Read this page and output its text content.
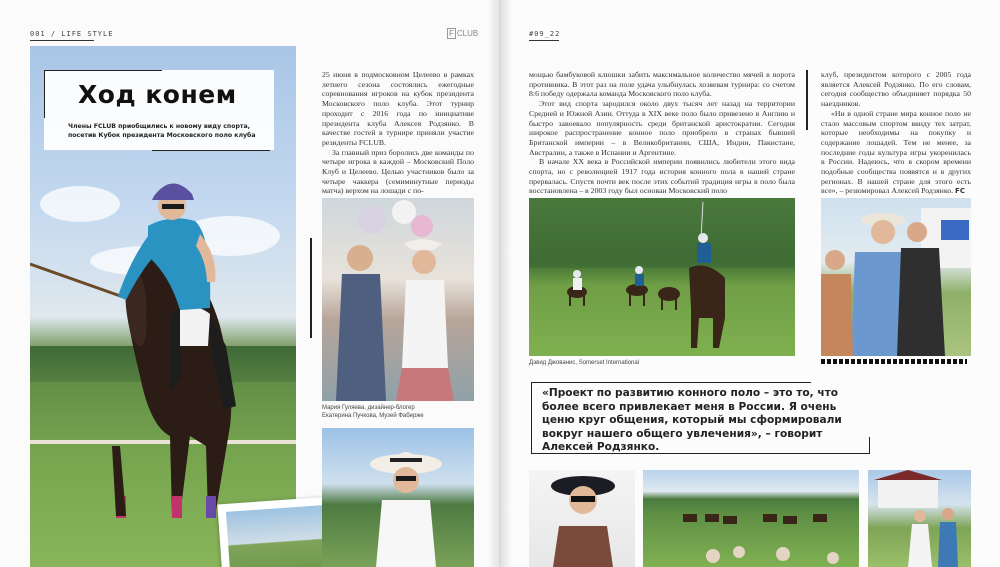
001 / LIFE STYLE	F CLUB	#09_22
Ход конем
Члены FCLUB приобщились к новому виду спорта, посетив Кубок президента Московского поло клуба

25 июня в подмосковном Целеево в рамках летнего сезона состоялись ежегодные соревнования игроков на кубок президента Московского поло клуба. Этот турнир проходит с 2016 года по инициативе президента клуба Алексея Родзянко. В качестве гостей в турнире приняли участие резиденты FCLUB.

За главный приз боролись две команды по четыре игрока в каждой – Московский Поло Клуб и Целеево. Целью участников было за четыре чаккера (семиминутные периоды матча) верхом на лошади с по-

Мария Гуляева, дизайнер-блогер
Екатерина Пучкова, Музей Фаберже

мощью бамбуковой клюшки забить максимальное количество мячей в ворота противника. В этот раз на поле удача улыбнулась хозяевам турнира: со счетом 8:6 победу одержала команда Московского поло клуба.

Этот вид спорта зародился около двух тысяч лет назад на территории Средней и Южной Азии. Оттуда в XIX веке поло было привезено в Англию и быстро завоевало популярность среди британской аристократии. Сегодня широкое распространение конное поло приобрело в странах бывшей Британской империи – в Великобритании, США, Индии, Пакистане, Австралии, а также в Испании и Аргентине.

В начале XX века в Российской империи появились любители этого вида спорта, но с революцией 1917 года история конного пола в нашей стране прервалась. Спустя почти век после этих событий традиция игры в поло была восстановлена – в 2003 году был основан Московский поло

клуб, президентом которого с 2005 года является Алексей Родзянко. По его словам, сегодня сообщество объединяет порядка 50 наездников.

«Ни в одной стране мира конное поло не стало массовым спортом ввиду тех затрат, которые необходимы на покупку и содержание лошадей. Тем не менее, за последние годы культура игры укоренилась в России. Надеюсь, что в скором времени подобные сообщества появятся и в других регионах. В нашей стране для этого есть все», – резюмировал Алексей Родзянко. FC

Дэвид Джованис, Somerset International
«Проект по развитию конного поло – это то, что более всего привлекает меня в России. Я очень ценю круг общения, который мы сформировали вокруг нашего общего увлечения», – говорит Алексей Родзянко.
